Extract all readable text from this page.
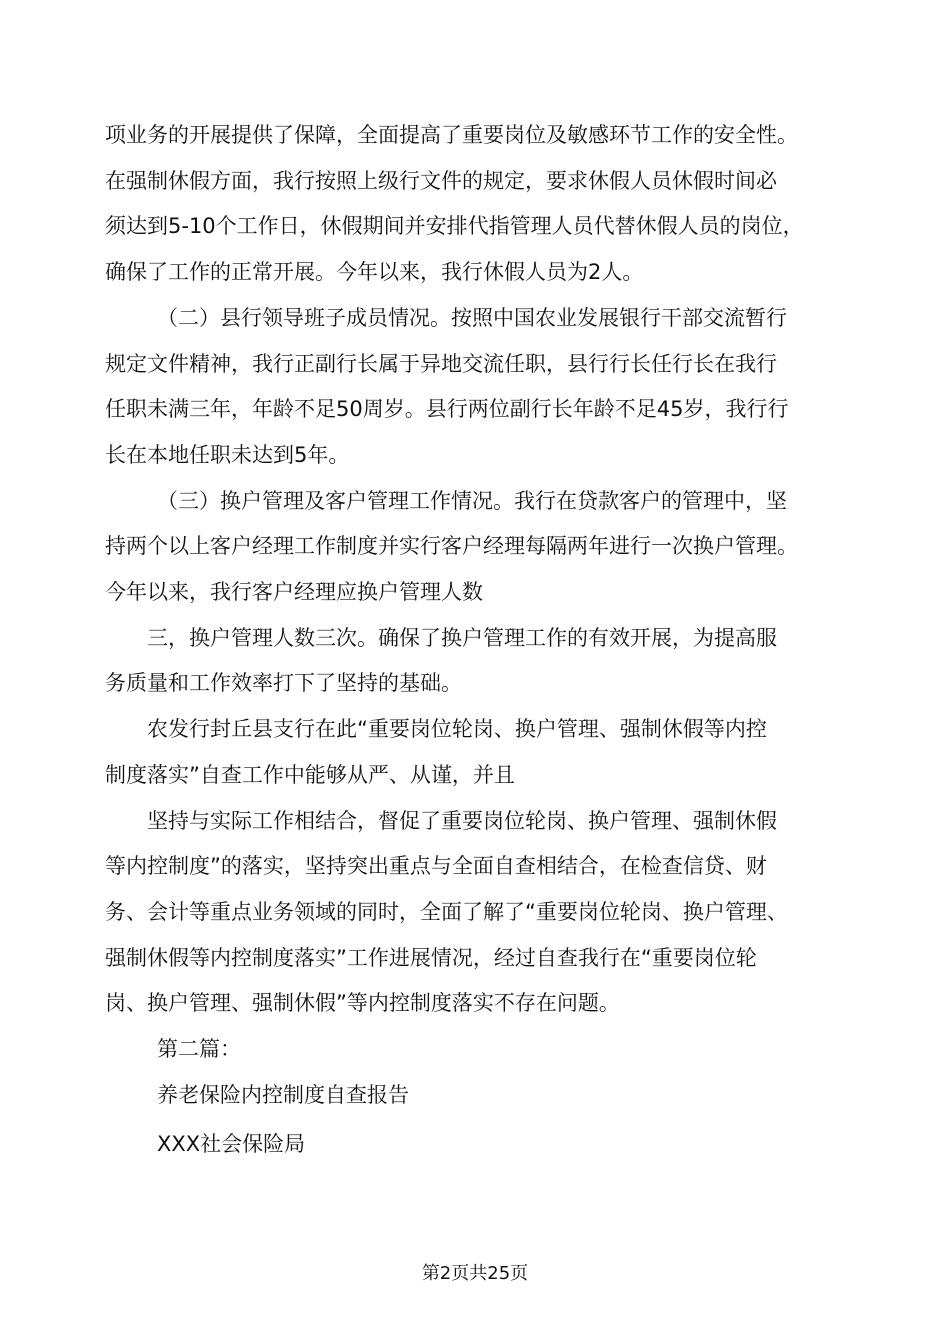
项业务的开展提供了保障，全面提高了重要岗位及敏感环节工作的安全性。
在强制休假方面，我行按照上级行文件的规定，要求休假人员休假时间必
须达到5-10个工作日，休假期间并安排代指管理人员代替休假人员的岗位，
确保了工作的正常开展。今年以来，我行休假人员为2人。

（二）县行领导班子成员情况。按照中国农业发展银行干部交流暂行
规定文件精神，我行正副行长属于异地交流任职，县行行长任行长在我行
任职未满三年，年龄不足50周岁。县行两位副行长年龄不足45岁，我行行
长在本地任职未达到5年。

（三）换户管理及客户管理工作情况。我行在贷款客户的管理中，坚
持两个以上客户经理工作制度并实行客户经理每隔两年进行一次换户管理。
今年以来，我行客户经理应换户管理人数

三，换户管理人数三次。确保了换户管理工作的有效开展，为提高服
务质量和工作效率打下了坚持的基础。

农发行封丘县支行在此“重要岗位轮岗、换户管理、强制休假等内控
制度落实”自查工作中能够从严、从谨，并且

坚持与实际工作相结合，督促了重要岗位轮岗、换户管理、强制休假
等内控制度”的落实，坚持突出重点与全面自查相结合，在检查信贷、财
务、会计等重点业务领域的同时，全面了解了“重要岗位轮岗、换户管理、
强制休假等内控制度落实”工作进展情况，经过自查我行在“重要岗位轮
岗、换户管理、强制休假”等内控制度落实不存在问题。

第二篇：

养老保险内控制度自查报告

XXX社会保险局

第2页共25页
